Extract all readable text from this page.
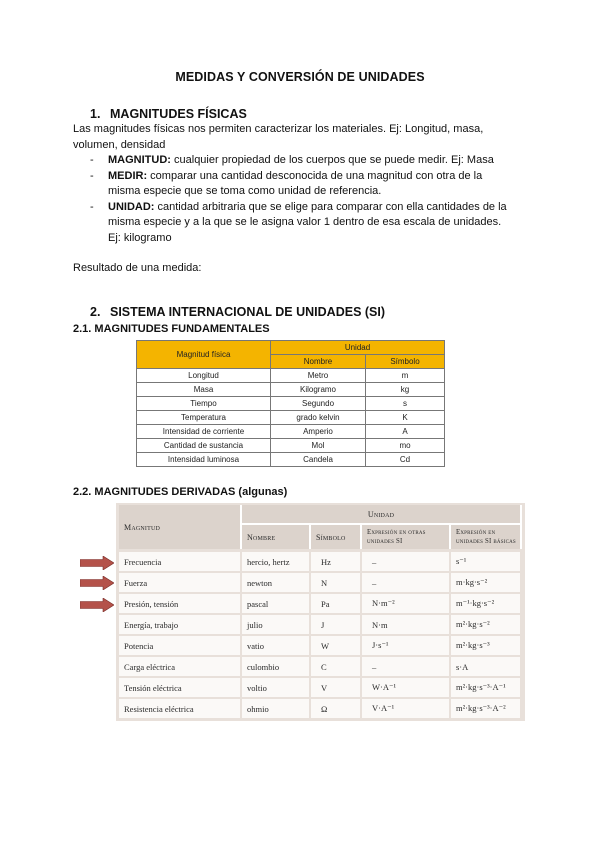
MEDIDAS Y CONVERSIÓN DE UNIDADES
1. MAGNITUDES FÍSICAS
Las magnitudes físicas nos permiten caracterizar los materiales. Ej: Longitud, masa, volumen, densidad
- MAGNITUD: cualquier propiedad de los cuerpos que se puede medir. Ej: Masa
- MEDIR: comparar una cantidad desconocida de una magnitud con otra de la misma especie que se toma como unidad de referencia.
- UNIDAD: cantidad arbitraria que se elige para comparar con ella cantidades de la misma especie y a la que se le asigna valor 1 dentro de esa escala de unidades. Ej: kilogramo
Resultado de una medida:
2. SISTEMA INTERNACIONAL DE UNIDADES (SI)
2.1. MAGNITUDES FUNDAMENTALES
Magnitud física	Unidad	
	Nombre	Símbolo
Longitud	Metro	m
Masa	Kilogramo	kg
Tiempo	Segundo	s
Temperatura	grado kelvin	K
Intensidad de corriente	Amperio	A
Cantidad de sustancia	Mol	mo
Intensidad luminosa	Candela	Cd
2.2. MAGNITUDES DERIVADAS (algunas)
Magnitud	Unidad			
	Nombre	Símbolo	Expresión en otras unidades SI	Expresión en unidades SI básicas
Frecuencia	hercio, hertz	Hz	–	s⁻¹
Fuerza	newton	N	–	m·kg·s⁻²
Presión, tensión	pascal	Pa	N·m⁻²	m⁻¹·kg·s⁻²
Energía, trabajo	julio	J	N·m	m²·kg·s⁻²
Potencia	vatio	W	J·s⁻¹	m²·kg·s⁻³
Carga eléctrica	culombio	C	–	s·A
Tensión eléctrica	voltio	V	W·A⁻¹	m²·kg·s⁻³·A⁻¹
Resistencia eléctrica	ohmio	Ω	V·A⁻¹	m²·kg·s⁻³·A⁻²
